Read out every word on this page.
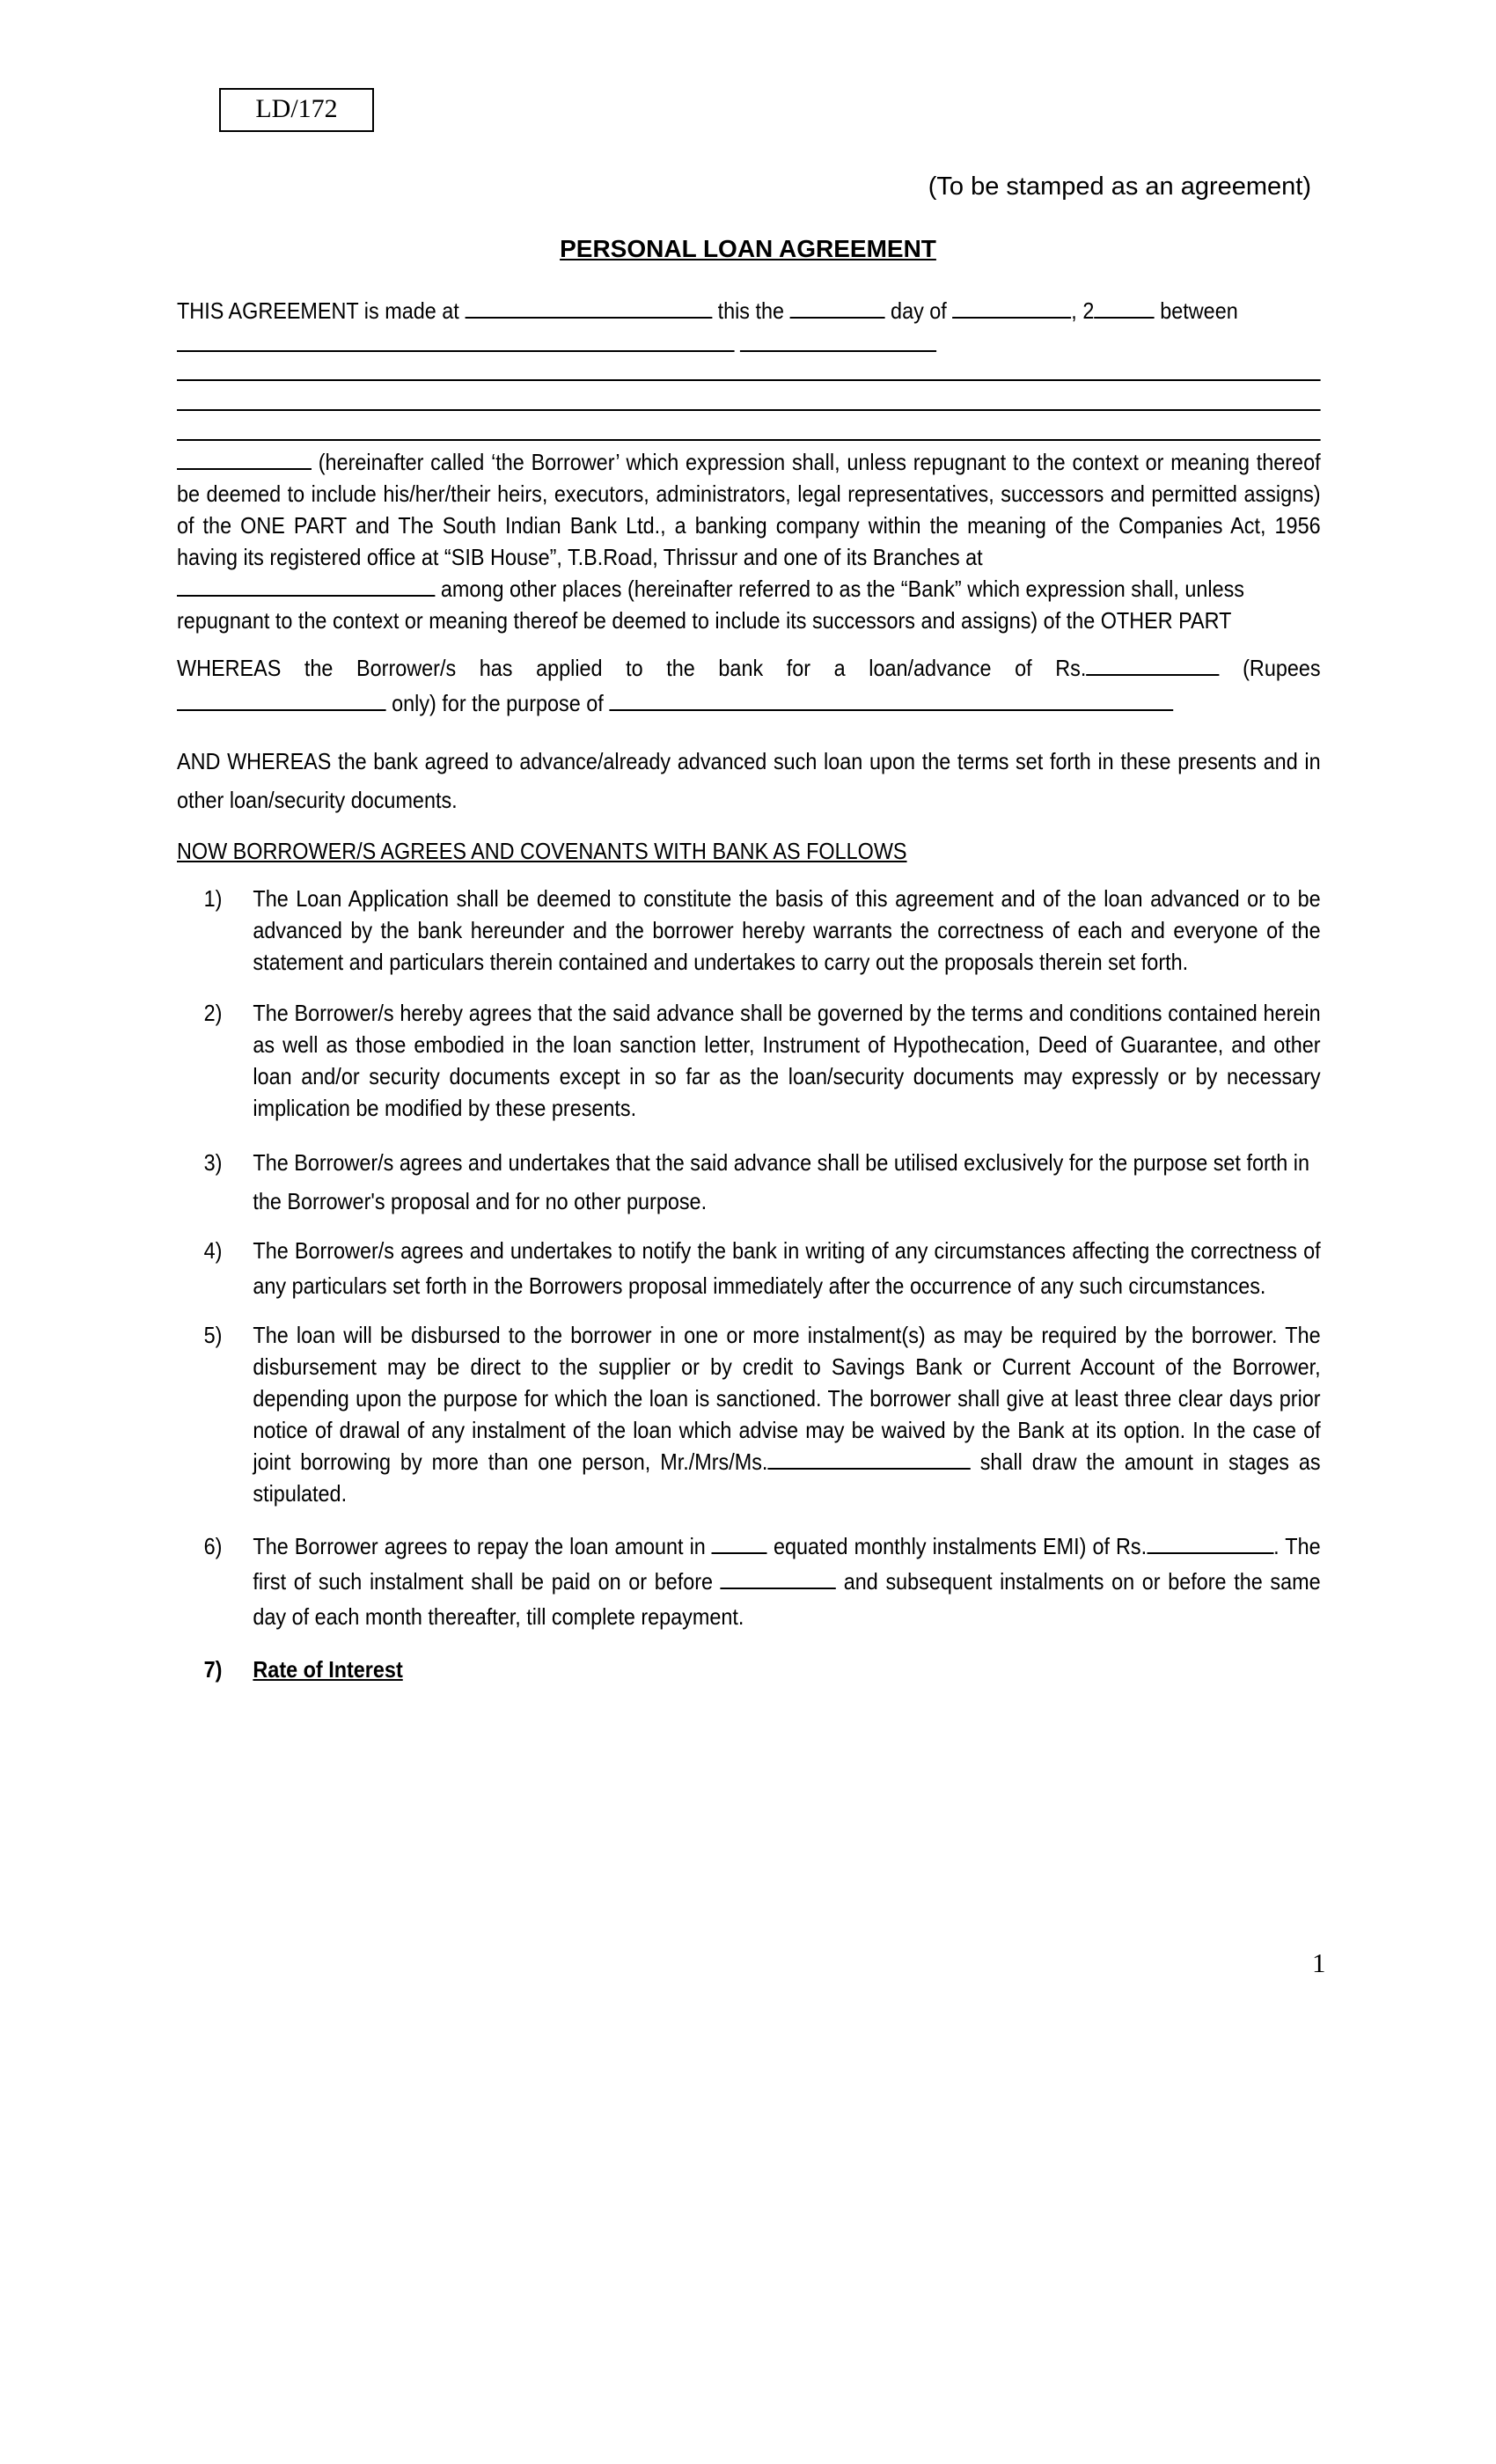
LD/172
(To be stamped as an agreement)
PERSONAL LOAN AGREEMENT

THIS AGREEMENT is made at	this the	day of	, 2	between

(hereinafter called ‘the Borrower’ which expression shall, unless repugnant to the context or meaning thereof be deemed to include his/her/their heirs, executors, administrators, legal representatives, successors and permitted assigns) of the ONE PART and The South Indian Bank Ltd., a banking company within the meaning of the Companies Act, 1956 having its registered office at “SIB House”, T.B.Road, Thrissur and one of its Branches at

among other places (hereinafter referred to as the “Bank” which expression shall, unless

repugnant to the context or meaning thereof be deemed to include its successors and assigns) of the OTHER PART

WHEREAS the Borrower/s has applied to the bank for a loan/advance of Rs.	(Rupees

only) for the purpose of

AND WHEREAS the bank agreed to advance/already advanced such loan upon the terms set forth in these presents and in other loan/security documents.

NOW BORROWER/S AGREES AND COVENANTS WITH BANK AS FOLLOWS

1)	The Loan Application shall be deemed to constitute the basis of this agreement and of the loan advanced or to be advanced by the bank hereunder and the borrower hereby warrants the correctness of each and everyone of the statement and particulars therein contained and undertakes to carry out the proposals therein set forth.
2)	The Borrower/s hereby agrees that the said advance shall be governed by the terms and conditions contained herein as well as those embodied in the loan sanction letter, Instrument of Hypothecation, Deed of Guarantee, and other loan and/or security documents except in so far as the loan/security documents may expressly or by necessary implication be modified by these presents.
3)	The Borrower/s agrees and undertakes that the said advance shall be utilised exclusively for the purpose set forth in the Borrower's proposal and for no other purpose.
4)	The Borrower/s agrees and undertakes to notify the bank in writing of any circumstances affecting the correctness of any particulars set forth in the Borrowers proposal immediately after the occurrence of any such circumstances.
5)	The loan will be disbursed to the borrower in one or more instalment(s) as may be required by the borrower. The disbursement may be direct to the supplier or by credit to Savings Bank or Current Account of the Borrower, depending upon the purpose for which the loan is sanctioned. The borrower shall give at least three clear days prior notice of drawal of any instalment of the loan which advise may be waived by the Bank at its option. In the case of joint borrowing by more than one person, Mr./Mrs/Ms.	shall draw the amount in stages as stipulated.
6)	The Borrower agrees to repay the loan amount in	equated monthly instalments EMI) of Rs.	. The first of such instalment shall be paid on or before	and subsequent instalments on or before the same day of each month thereafter, till complete repayment.
7)	Rate of Interest
1
